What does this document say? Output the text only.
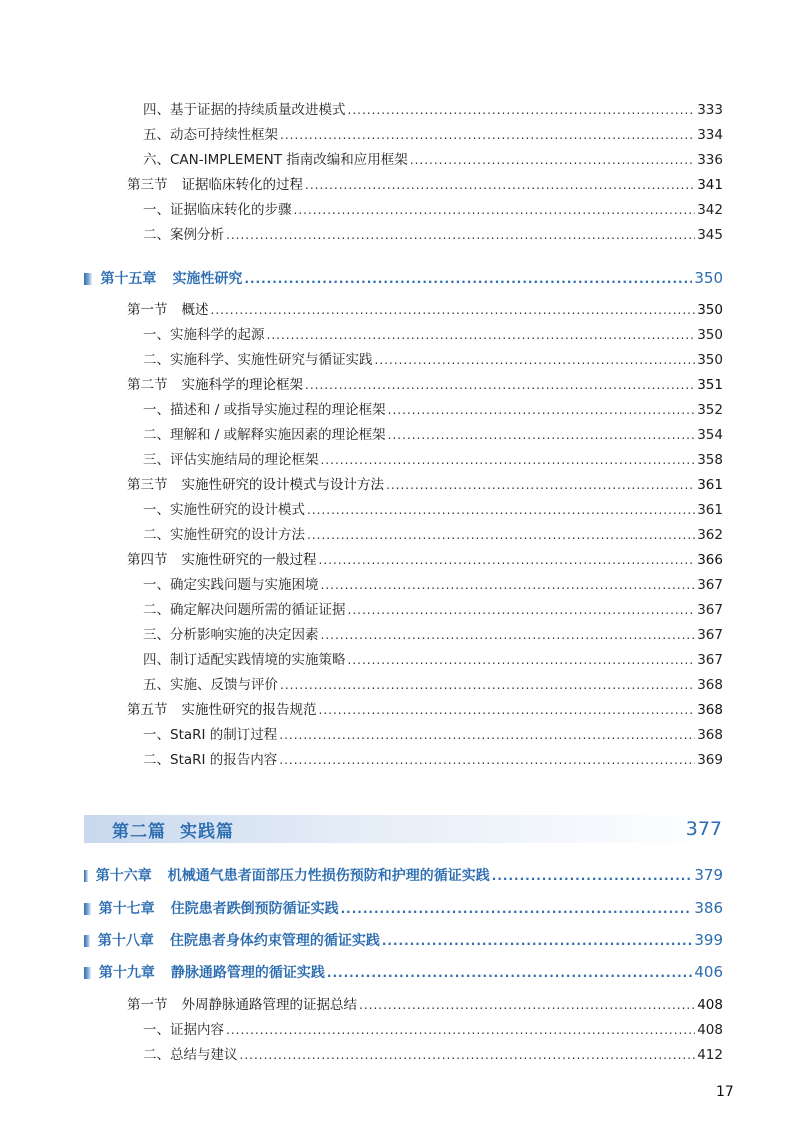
四、基于证据的持续质量改进模式 .....	333
五、动态可持续性框架 .....	334
六、CAN-IMPLEMENT 指南改编和应用框架 .....	336
第三节 证据临床转化的过程 .....	341
一、证据临床转化的步骤 .....	342
二、案例分析 .....	345
第十五章 实施性研究 .....	350
第一节 概述 .....	350
一、实施科学的起源 .....	350
二、实施科学、实施性研究与循证实践 .....	350
第二节 实施科学的理论框架 .....	351
一、描述和 / 或指导实施过程的理论框架 .....	352
二、理解和 / 或解释实施因素的理论框架 .....	354
三、评估实施结局的理论框架 .....	358
第三节 实施性研究的设计模式与设计方法 .....	361
一、实施性研究的设计模式 .....	361
二、实施性研究的设计方法 .....	362
第四节 实施性研究的一般过程 .....	366
一、确定实践问题与实施困境 .....	367
二、确定解决问题所需的循证证据 .....	367
三、分析影响实施的决定因素 .....	367
四、制订适配实践情境的实施策略 .....	367
五、实施、反馈与评价 .....	368
第五节 实施性研究的报告规范 .....	368
一、StaRI 的制订过程 .....	368
二、StaRI 的报告内容 .....	369
第二篇 实践篇	377
第十六章 机械通气患者面部压力性损伤预防和护理的循证实践 .....	379
第十七章 住院患者跌倒预防循证实践 .....	386
第十八章 住院患者身体约束管理的循证实践 .....	399
第十九章 静脉通路管理的循证实践 .....	406
第一节 外周静脉通路管理的证据总结 .....	408
一、证据内容 .....	408
二、总结与建议 .....	412
17
